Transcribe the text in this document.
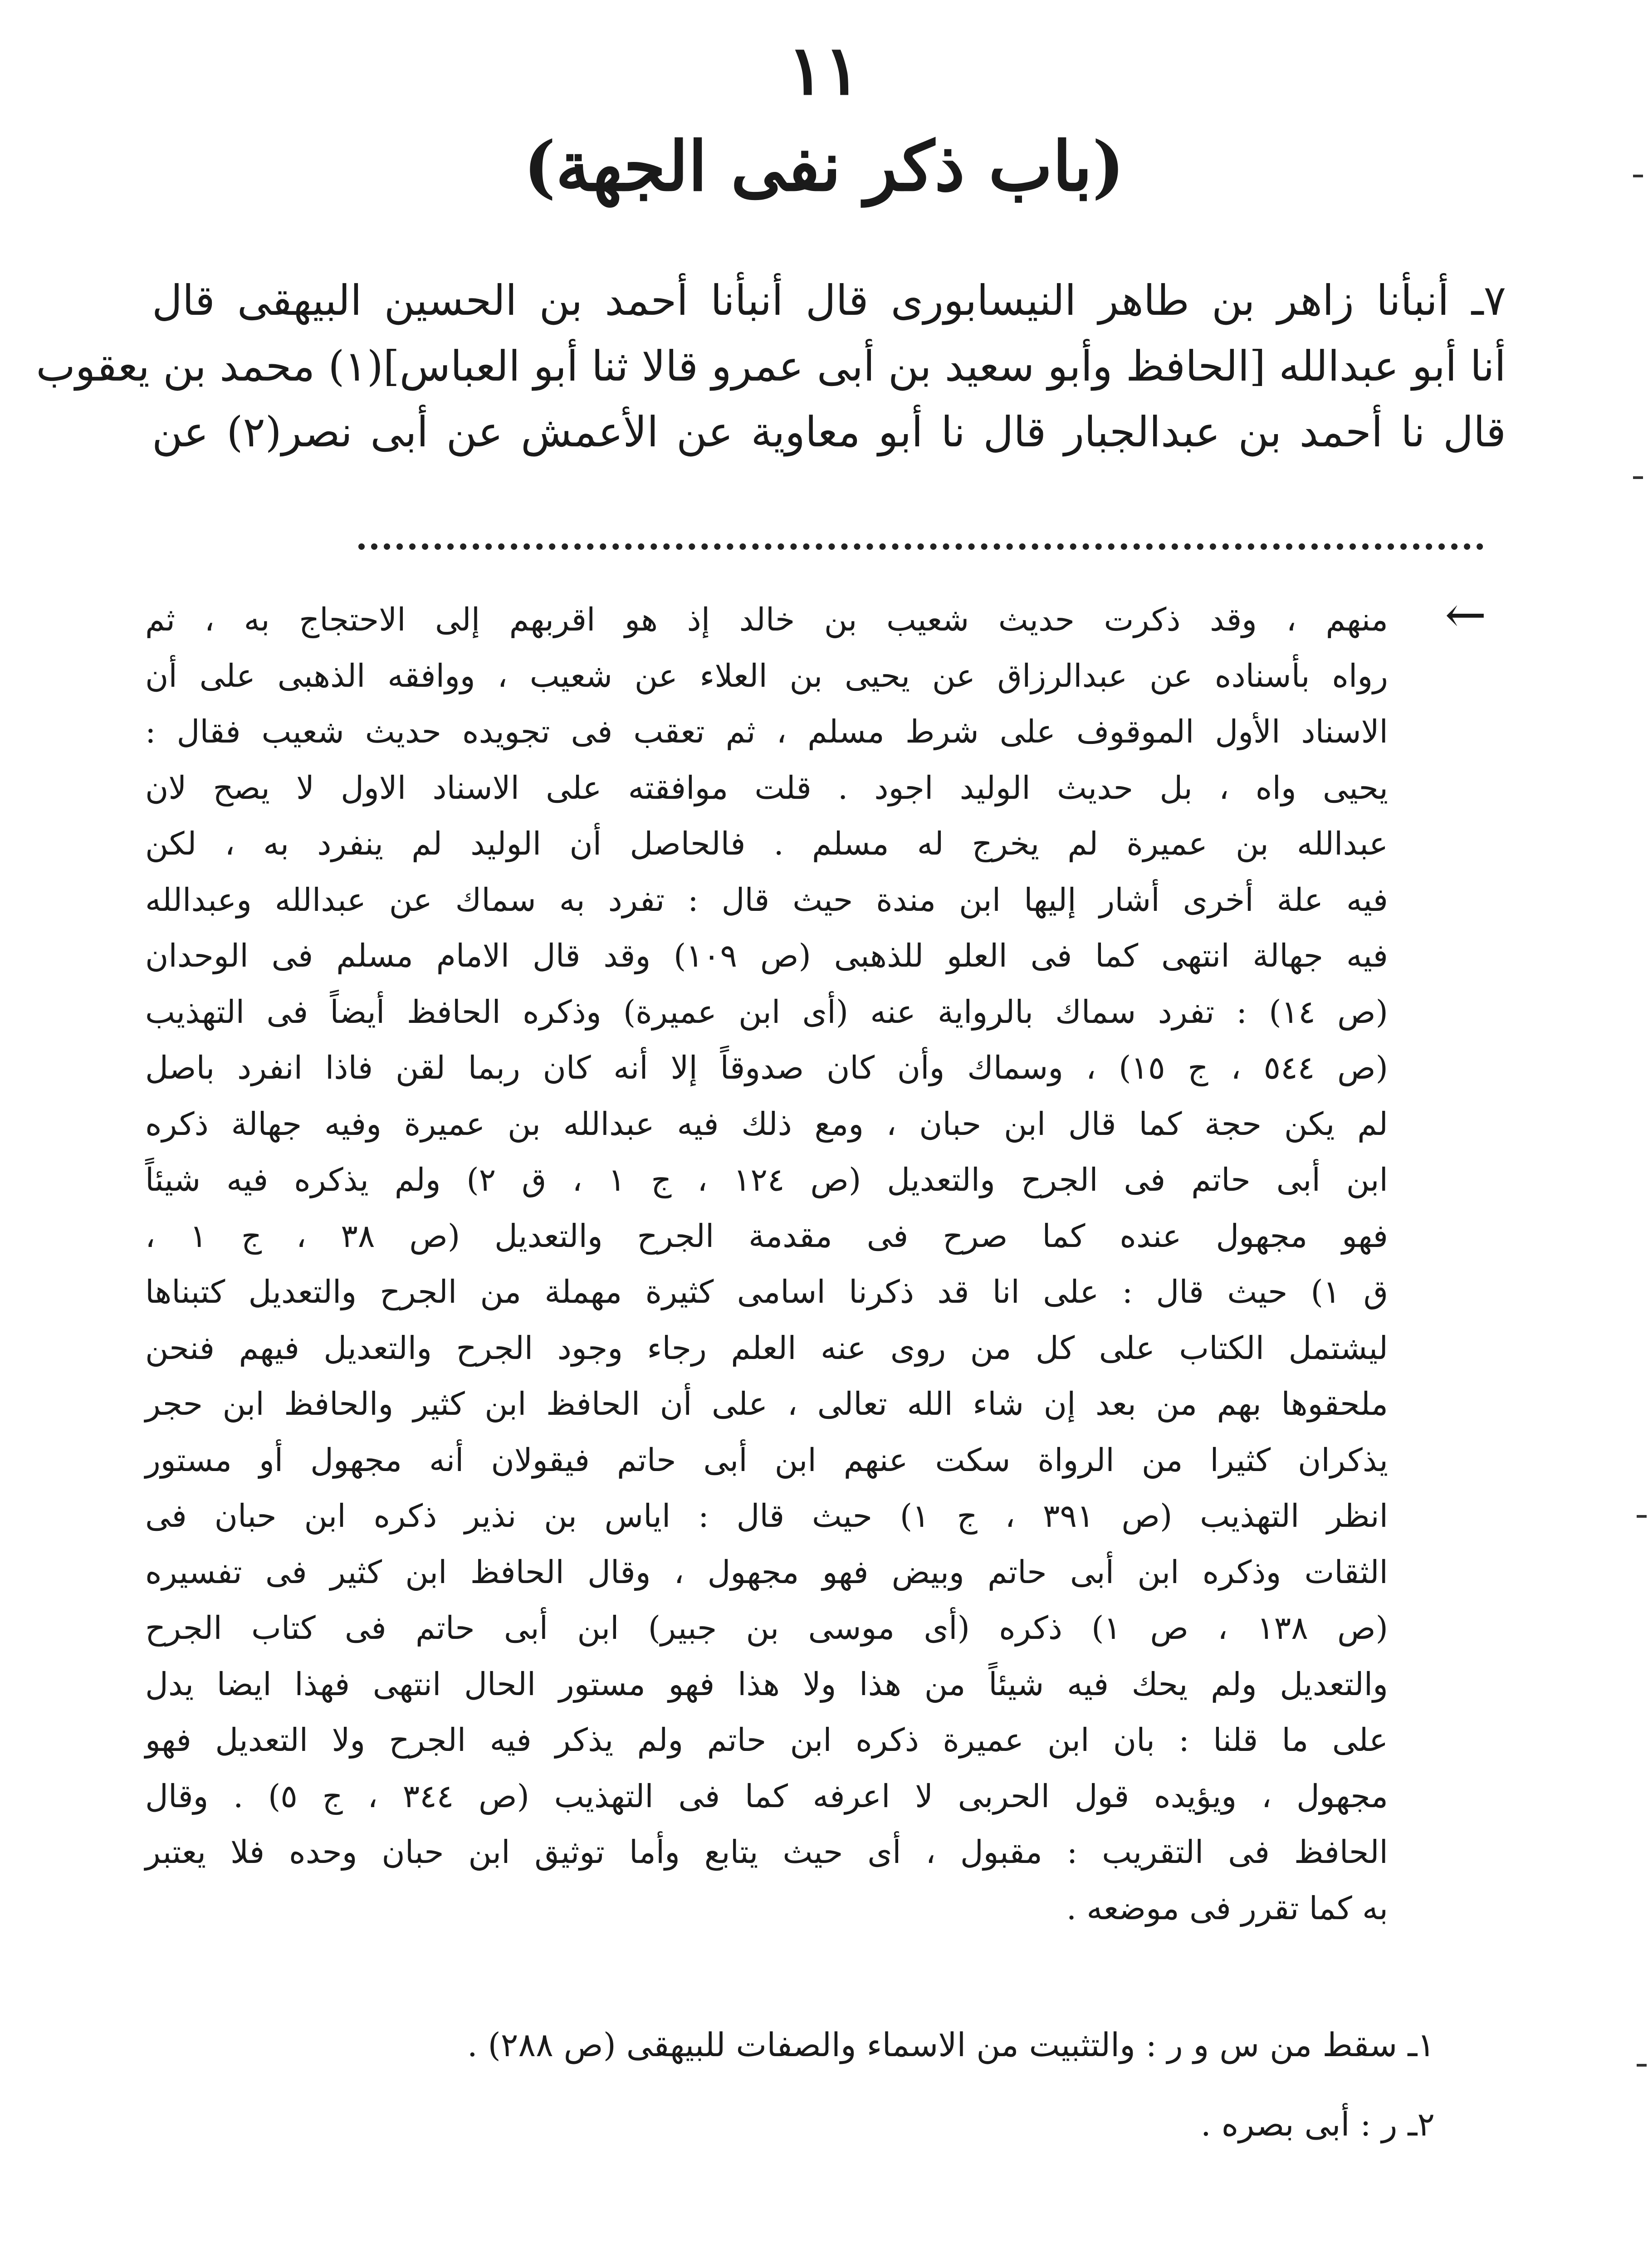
١١
(باب ذكر نفى الجهة)
٧ـ أنبأنا زاهر بن طاهر النيسابورى قال أنبأنا أحمد بن الحسين البيهقى قال
أنا أبو عبدالله [الحافظ وأبو سعيد بن أبى عمرو قالا ثنا أبو العباس](١) محمد بن يعقوب
قال نا أحمد بن عبدالجبار قال نا أبو معاوية عن الأعمش عن أبى نصر(٢) عن
←
منهم ، وقد ذكرت حديث شعيب بن خالد إذ هو اقربهم إلى الاحتجاج به ، ثم
رواه بأسناده عن عبدالرزاق عن يحيى بن العلاء عن شعيب ، ووافقه الذهبى على أن
الاسناد الأول الموقوف على شرط مسلم ، ثم تعقب فى تجويده حديث شعيب فقال :
يحيى واه ، بل حديث الوليد اجود . قلت موافقته على الاسناد الاول لا يصح لان
عبدالله بن عميرة لم يخرج له مسلم . فالحاصل أن الوليد لم ينفرد به ، لكن
فيه علة أخرى أشار إليها ابن مندة حيث قال : تفرد به سماك عن عبدالله وعبدالله
فيه جهالة انتهى كما فى العلو للذهبى (ص ١٠٩) وقد قال الامام مسلم فى الوحدان
(ص ١٤) : تفرد سماك بالرواية عنه (أى ابن عميرة) وذكره الحافظ أيضاً فى التهذيب
(ص ٥٤٤ ، ج ١٥) ، وسماك وأن كان صدوقاً إلا أنه كان ربما لقن فاذا انفرد باصل
لم يكن حجة كما قال ابن حبان ، ومع ذلك فيه عبدالله بن عميرة وفيه جهالة ذكره
ابن أبى حاتم فى الجرح والتعديل (ص ١٢٤ ، ج ١ ، ق ٢) ولم يذكره فيه شيئاً
فهو مجهول عنده كما صرح فى مقدمة الجرح والتعديل (ص ٣٨ ، ج ١ ،
ق ١) حيث قال : على انا قد ذكرنا اسامى كثيرة مهملة من الجرح والتعديل كتبناها
ليشتمل الكتاب على كل من روى عنه العلم رجاء وجود الجرح والتعديل فيهم فنحن
ملحقوها بهم من بعد إن شاء الله تعالى ، على أن الحافظ ابن كثير والحافظ ابن حجر
يذكران كثيرا من الرواة سكت عنهم ابن أبى حاتم فيقولان أنه مجهول أو مستور
انظر التهذيب (ص ٣٩١ ، ج ١) حيث قال : اياس بن نذير ذكره ابن حبان فى
الثقات وذكره ابن أبى حاتم وبيض فهو مجهول ، وقال الحافظ ابن كثير فى تفسيره
(ص ١٣٨ ، ص ١) ذكره (أى موسى بن جبير) ابن أبى حاتم فى كتاب الجرح
والتعديل ولم يحك فيه شيئاً من هذا ولا هذا فهو مستور الحال انتهى فهذا ايضا يدل
على ما قلنا : بان ابن عميرة ذكره ابن حاتم ولم يذكر فيه الجرح ولا التعديل فهو
مجهول ، ويؤيده قول الحربى لا اعرفه كما فى التهذيب (ص ٣٤٤ ، ج ٥) . وقال
الحافظ فى التقريب : مقبول ، أى حيث يتابع وأما توثيق ابن حبان وحده فلا يعتبر
به كما تقرر فى موضعه .
١ـ سقط من س و ر : والتثبيت من الاسماء والصفات للبيهقى (ص ٢٨٨) .
٢ـ ر : أبى بصره .
